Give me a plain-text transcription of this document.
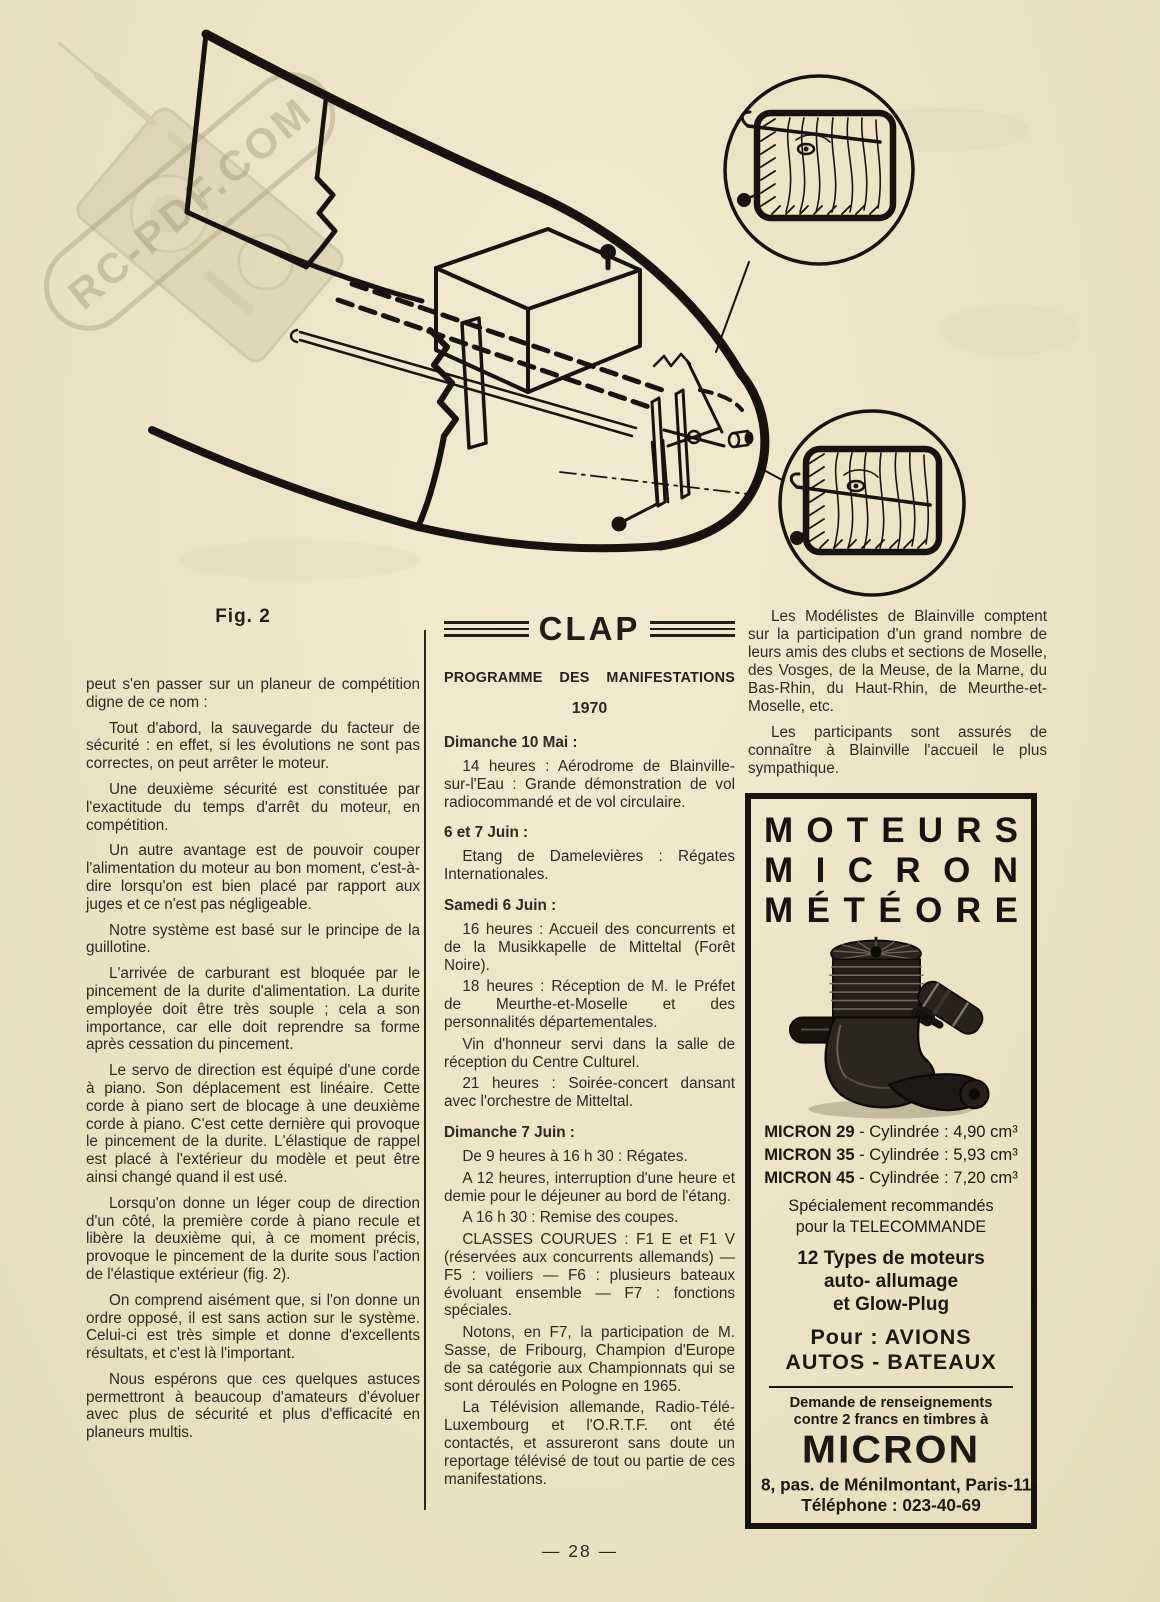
RC-PDF.COM
Fig. 2

peut s'en passer sur un planeur de compétition digne de ce nom :

Tout d'abord, la sauvegarde du facteur de sécurité : en effet, si les évolutions ne sont pas correctes, on peut arrêter le moteur.

Une deuxième sécurité est constituée par l'exactitude du temps d'arrêt du moteur, en compétition.

Un autre avantage est de pouvoir couper l'alimentation du moteur au bon moment, c'est-à-dire lorsqu'on est bien placé par rapport aux juges et ce n'est pas négligeable.

Notre système est basé sur le principe de la guillotine.

L'arrivée de carburant est bloquée par le pincement de la durite d'alimentation. La durite employée doit être très souple ; cela a son importance, car elle doit reprendre sa forme après cessation du pincement.

Le servo de direction est équipé d'une corde à piano. Son déplacement est linéaire. Cette corde à piano sert de blocage à une deuxième corde à piano. C'est cette dernière qui provoque le pincement de la durite. L'élastique de rappel est placé à l'extérieur du modèle et peut être ainsi changé quand il est usé.

Lorsqu'on donne un léger coup de direction d'un côté, la première corde à piano recule et libère la deuxième qui, à ce moment précis, provoque le pincement de la durite sous l'action de l'élastique extérieur (fig. 2).

On comprend aisément que, si l'on donne un ordre opposé, il est sans action sur le système. Celui-ci est très simple et donne d'excellents résultats, et c'est là l'important.

Nous espérons que ces quelques astuces permettront à beaucoup d'amateurs d'évoluer avec plus de sécurité et plus d'efficacité en planeurs multis.

CLAP
PROGRAMME DES MANIFESTATIONS
1970
Dimanche 10 Mai :

14 heures : Aérodrome de Blainville-sur-l'Eau : Grande démonstration de vol radiocommandé et de vol circulaire.

6 et 7 Juin :

Etang de Damelevières : Régates Internationales.

Samedi 6 Juin :

16 heures : Accueil des concurrents et de la Musikkapelle de Mitteltal (Forêt Noire).

18 heures : Réception de M. le Préfet de Meurthe-et-Moselle et des personnalités départementales.

Vin d'honneur servi dans la salle de réception du Centre Culturel.

21 heures : Soirée-concert dansant avec l'orchestre de Mitteltal.

Dimanche 7 Juin :

De 9 heures à 16 h 30 : Régates.

A 12 heures, interruption d'une heure et demie pour le déjeuner au bord de l'étang.

A 16 h 30 : Remise des coupes.

CLASSES COURUES : F1 E et F1 V (réservées aux concurrents allemands) — F5 : voiliers — F6 : plusieurs bateaux évoluant ensemble — F7 : fonctions spéciales.

Notons, en F7, la participation de M. Sasse, de Fribourg, Champion d'Europe de sa catégorie aux Championnats qui se sont déroulés en Pologne en 1965.

La Télévision allemande, Radio-Télé-Luxembourg et l'O.R.T.F. ont été contactés, et assureront sans doute un reportage télévisé de tout ou partie de ces manifestations.

Les Modélistes de Blainville comptent sur la participation d'un grand nombre de leurs amis des clubs et sections de Moselle, des Vosges, de la Meuse, de la Marne, du Bas-Rhin, du Haut-Rhin, de Meurthe-et-Moselle, etc.

Les participants sont assurés de connaître à Blainville l'accueil le plus sympathique.

M O T E U R S
M I C R O N
M É T É O R E
MICRON 29 - Cylindrée : 4,90 cm³
MICRON 35 - Cylindrée : 5,93 cm³
MICRON 45 - Cylindrée : 7,20 cm³
Spécialement recommandés
pour la TELECOMMANDE
12 Types de moteurs
auto- allumage
et Glow-Plug
Pour : AVIONS
AUTOS - BATEAUX
Demande de renseignements
contre 2 francs en timbres à
MICRON
8, pas. de Ménilmontant, Paris-11e
Téléphone : 023-40-69
— 28 —
